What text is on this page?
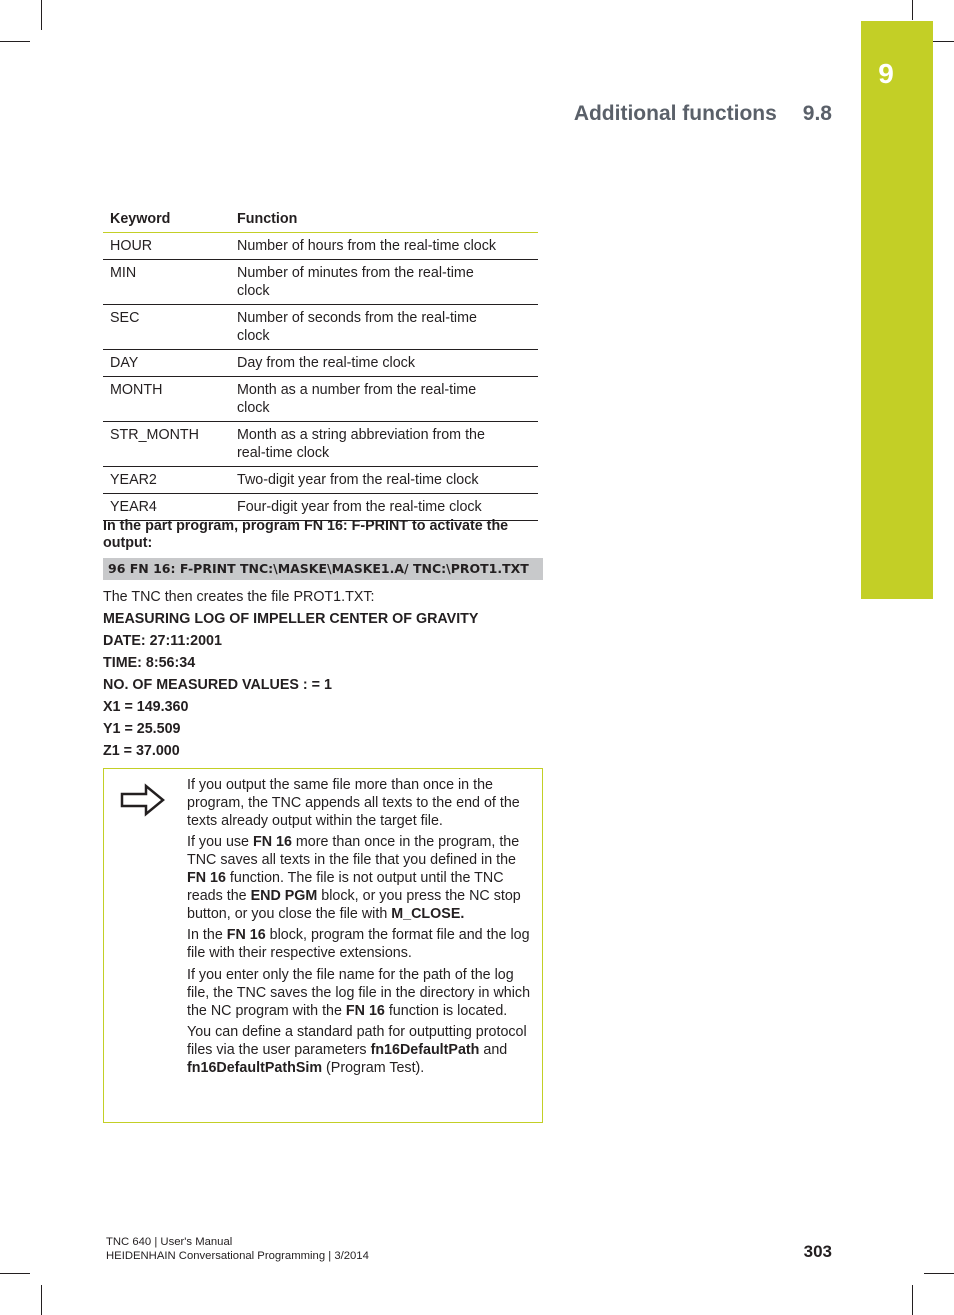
9
Additional functions 9.8
Keyword	Function
HOUR	Number of hours from the real-time clock
MIN	Number of minutes from the real-time clock
SEC	Number of seconds from the real-time clock
DAY	Day from the real-time clock
MONTH	Month as a number from the real-time clock
STR_MONTH	Month as a string abbreviation from the real-time clock
YEAR2	Two-digit year from the real-time clock
YEAR4	Four-digit year from the real-time clock
In the part program, program FN 16: F-PRINT to activate the output:
96 FN 16: F-PRINT TNC:\MASKE\MASKE1.A/ TNC:\PROT1.TXT
The TNC then creates the file PROT1.TXT:
MEASURING LOG OF IMPELLER CENTER OF GRAVITY
DATE: 27:11:2001
TIME: 8:56:34
NO. OF MEASURED VALUES : = 1
X1 = 149.360
Y1 = 25.509
Z1 = 37.000

If you output the same file more than once in the program, the TNC appends all texts to the end of the texts already output within the target file.

If you use FN 16 more than once in the program, the TNC saves all texts in the file that you defined in the FN 16 function. The file is not output until the TNC reads the END PGM block, or you press the NC stop button, or you close the file with M_CLOSE.

In the FN 16 block, program the format file and the log file with their respective extensions.

If you enter only the file name for the path of the log file, the TNC saves the log file in the directory in which the NC program with the FN 16 function is located.

You can define a standard path for outputting protocol files via the user parameters fn16DefaultPath and fn16DefaultPathSim (Program Test).

TNC 640 | User's Manual
HEIDENHAIN Conversational Programming | 3/2014	303
